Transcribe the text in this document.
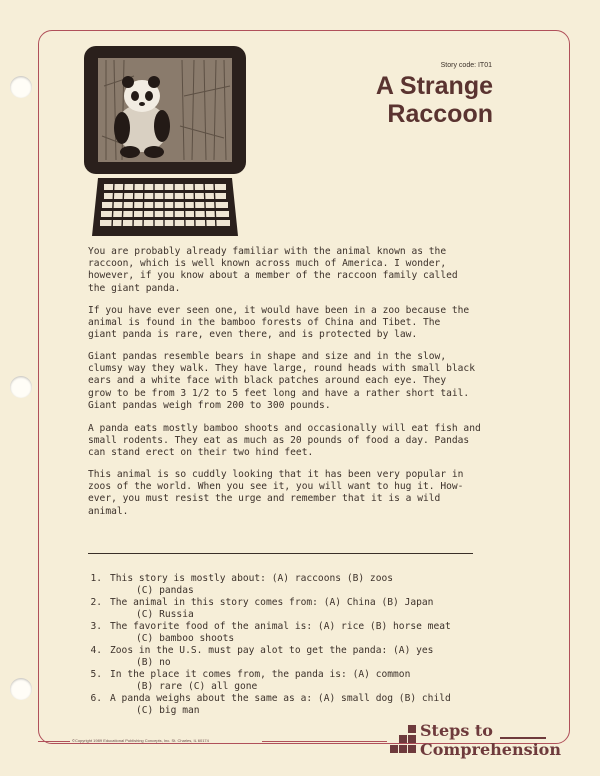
Story code: IT01
A Strange
Raccoon
You are probably already familiar with the animal known as the
raccoon, which is well known across much of America. I wonder,
however, if you know about a member of the raccoon family called
the giant panda.
If you have ever seen one, it would have been in a zoo because the
animal is found in the bamboo forests of China and Tibet. The
giant panda is rare, even there, and is protected by law.
Giant pandas resemble bears in shape and size and in the slow,
clumsy way they walk. They have large, round heads with small black
ears and a white face with black patches around each eye. They
grow to be from 3 1/2 to 5 feet long and have a rather short tail.
Giant pandas weigh from 200 to 300 pounds.
A panda eats mostly bamboo shoots and occasionally will eat fish and
small rodents. They eat as much as 20 pounds of food a day. Pandas
can stand erect on their two hind feet.
This animal is so cuddly looking that it has been very popular in
zoos of the world. When you see it, you will want to hug it. How-
ever, you must resist the urge and remember that it is a wild
animal.
1. This story is mostly about: (A) raccoons (B) zoos
(C) pandas
2. The animal in this story comes from: (A) China (B) Japan
(C) Russia
3. The favorite food of the animal is: (A) rice (B) horse meat
(C) bamboo shoots
4. Zoos in the U.S. must pay alot to get the panda: (A) yes
(B) no
5. In the place it comes from, the panda is: (A) common
(B) rare (C) all gone
6. A panda weighs about the same as a: (A) small dog (B) child
(C) big man
©Copyright 1989 Educational Publishing Concepts, Inc. St. Charles, IL 60174
Steps to
Comprehension
